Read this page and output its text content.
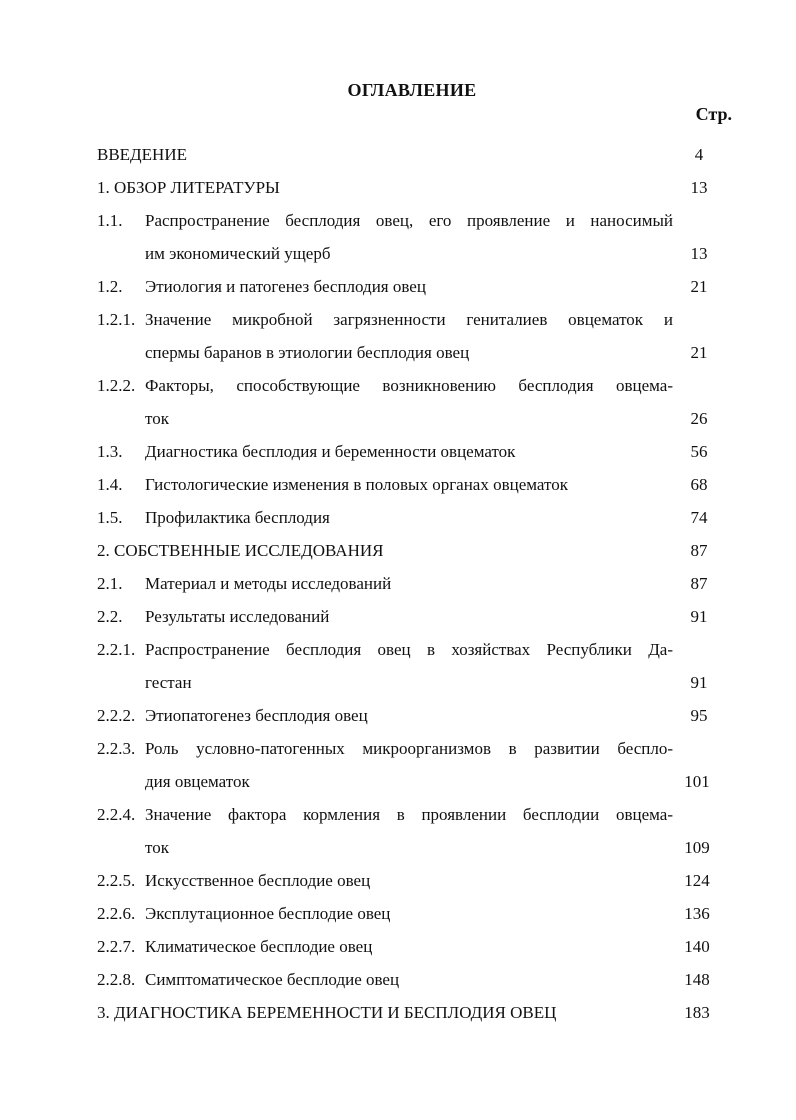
ОГЛАВЛЕНИЕ
Стр.
ВВЕДЕНИЕ	4
1. ОБЗОР ЛИТЕРАТУРЫ	13
1.1. Распространение бесплодия овец, его проявление и наносимый
им экономический ущерб	13
1.2. Этиология и патогенез бесплодия овец	21
1.2.1. Значение микробной загрязненности гениталиев овцематок и
спермы баранов в этиологии бесплодия овец	21
1.2.2. Факторы, способствующие возникновению бесплодия овцема-
ток	26
1.3. Диагностика бесплодия и беременности овцематок	56
1.4. Гистологические изменения в половых органах овцематок	68
1.5. Профилактика бесплодия	74
2. СОБСТВЕННЫЕ ИССЛЕДОВАНИЯ	87
2.1. Материал и методы исследований	87
2.2. Результаты исследований	91
2.2.1. Распространение бесплодия овец в хозяйствах Республики Да-
гестан	91
2.2.2. Этиопатогенез бесплодия овец	95
2.2.3. Роль условно-патогенных микроорганизмов в развитии беспло-
дия овцематок	101
2.2.4. Значение фактора кормления в проявлении бесплодии овцема-
ток	109
2.2.5. Искусственное бесплодие овец	124
2.2.6. Эксплутационное бесплодие овец	136
2.2.7. Климатическое бесплодие овец	140
2.2.8. Симптоматическое бесплодие овец	148
3. ДИАГНОСТИКА БЕРЕМЕННОСТИ И БЕСПЛОДИЯ ОВЕЦ	183
